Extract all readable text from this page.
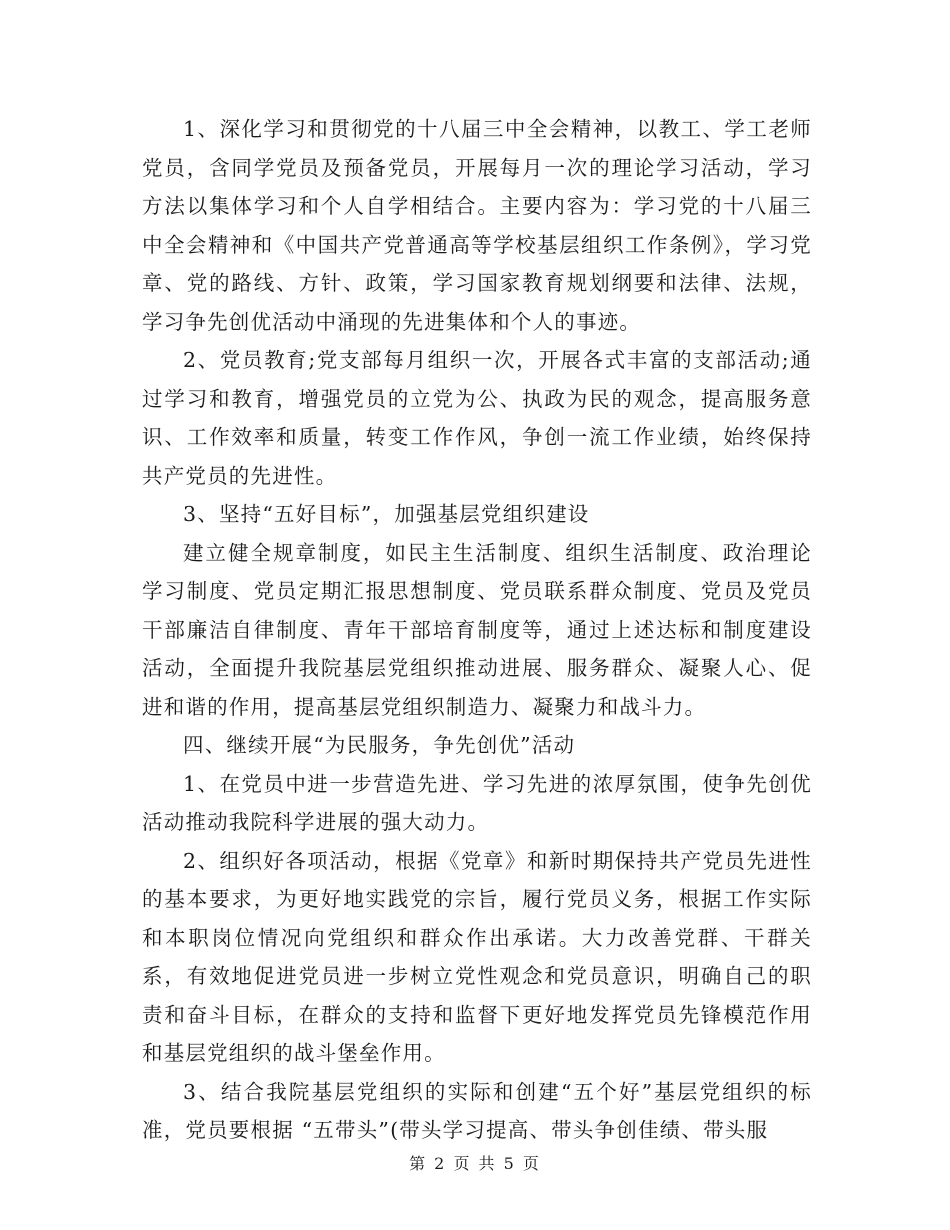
1、深化学习和贯彻党的十八届三中全会精神，以教工、学工老师党员，含同学党员及预备党员，开展每月一次的理论学习活动，学习方法以集体学习和个人自学相结合。主要内容为：学习党的十八届三中全会精神和《中国共产党普通高等学校基层组织工作条例》，学习党章、党的路线、方针、政策，学习国家教育规划纲要和法律、法规，学习争先创优活动中涌现的先进集体和个人的事迹。

2、党员教育;党支部每月组织一次，开展各式丰富的支部活动;通过学习和教育，增强党员的立党为公、执政为民的观念，提高服务意识、工作效率和质量，转变工作作风，争创一流工作业绩，始终保持共产党员的先进性。

3、坚持“五好目标”，加强基层党组织建设

建立健全规章制度，如民主生活制度、组织生活制度、政治理论学习制度、党员定期汇报思想制度、党员联系群众制度、党员及党员干部廉洁自律制度、青年干部培育制度等，通过上述达标和制度建设活动，全面提升我院基层党组织推动进展、服务群众、凝聚人心、促进和谐的作用，提高基层党组织制造力、凝聚力和战斗力。

四、继续开展“为民服务，争先创优”活动

1、在党员中进一步营造先进、学习先进的浓厚氛围，使争先创优活动推动我院科学进展的强大动力。

2、组织好各项活动，根据《党章》和新时期保持共产党员先进性的基本要求，为更好地实践党的宗旨，履行党员义务，根据工作实际和本职岗位情况向党组织和群众作出承诺。大力改善党群、干群关系，有效地促进党员进一步树立党性观念和党员意识，明确自己的职责和奋斗目标，在群众的支持和监督下更好地发挥党员先锋模范作用和基层党组织的战斗堡垒作用。

3、结合我院基层党组织的实际和创建“五个好”基层党组织的标准，党员要根据 “五带头”(带头学习提高、带头争创佳绩、带头服

第 2 页 共 5 页
